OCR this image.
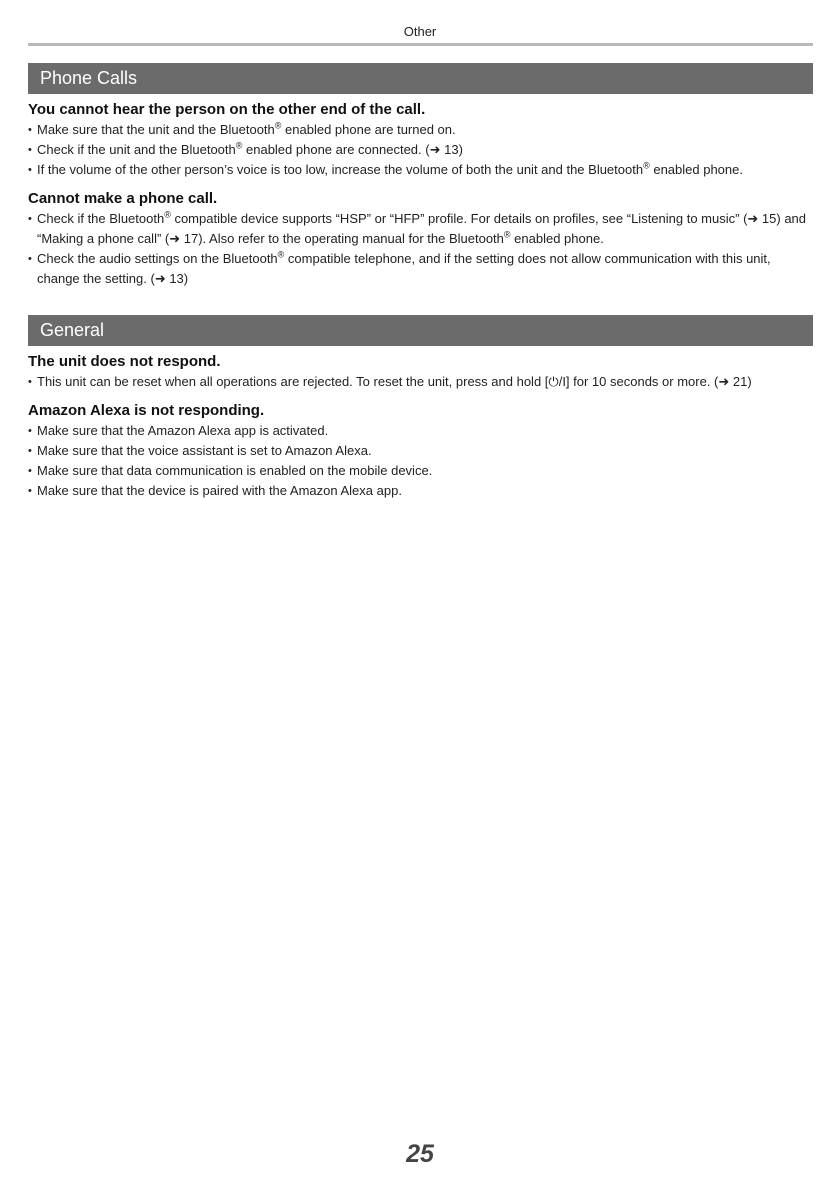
Other
Phone Calls
You cannot hear the person on the other end of the call.
• Make sure that the unit and the Bluetooth® enabled phone are turned on.
• Check if the unit and the Bluetooth® enabled phone are connected. (➜ 13)
• If the volume of the other person’s voice is too low, increase the volume of both the unit and the Bluetooth® enabled phone.
Cannot make a phone call.
• Check if the Bluetooth® compatible device supports “HSP” or “HFP” profile. For details on profiles, see “Listening to music” (➜ 15) and “Making a phone call” (➜ 17). Also refer to the operating manual for the Bluetooth® enabled phone.
• Check the audio settings on the Bluetooth® compatible telephone, and if the setting does not allow communication with this unit, change the setting. (➜ 13)
General
The unit does not respond.
• This unit can be reset when all operations are rejected. To reset the unit, press and hold [⏻/I] for 10 seconds or more. (➜ 21)
Amazon Alexa is not responding.
• Make sure that the Amazon Alexa app is activated.
• Make sure that the voice assistant is set to Amazon Alexa.
• Make sure that data communication is enabled on the mobile device.
• Make sure that the device is paired with the Amazon Alexa app.
25
